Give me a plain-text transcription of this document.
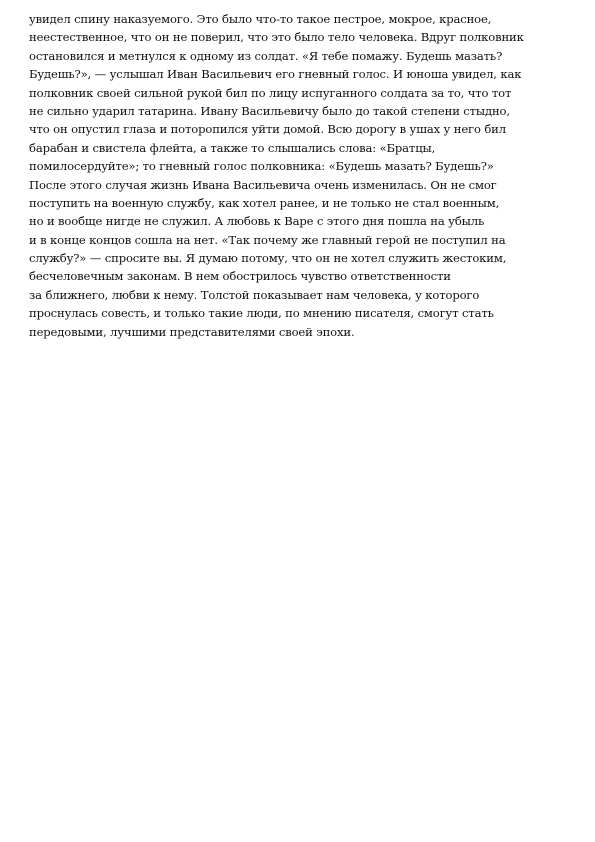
увидел спину наказуемого. Это было что-то такое пестрое, мокрое, красное,
неестественное, что он не поверил, что это было тело человека. Вдруг полковник
остановился и метнулся к одному из солдат. «Я тебе помажу. Будешь мазать?
Будешь?», — услышал Иван Васильевич его гневный голос. И юноша увидел, как
полковник своей сильной рукой бил по лицу испуганного солдата за то, что тот
не сильно ударил татарина. Ивану Васильевичу было до такой степени стыдно,
что он опустил глаза и поторопился уйти домой. Всю дорогу в ушах у него бил
барабан и свистела флейта, а также то слышались слова: «Братцы,
помилосердуйте»; то гневный голос полковника: «Будешь мазать? Будешь?»
После этого случая жизнь Ивана Васильевича очень изменилась. Он не смог
поступить на военную службу, как хотел ранее, и не только не стал военным,
но и вообще нигде не служил. А любовь к Варе с этого дня пошла на убыль
и в конце концов сошла на нет. «Так почему же главный герой не поступил на
службу?» — спросите вы. Я думаю потому, что он не хотел служить жестоким,
бесчеловечным законам. В нем обострилось чувство ответственности
за ближнего, любви к нему. Толстой показывает нам человека, у которого
проснулась совесть, и только такие люди, по мнению писателя, смогут стать
передовыми, лучшими представителями своей эпохи.
